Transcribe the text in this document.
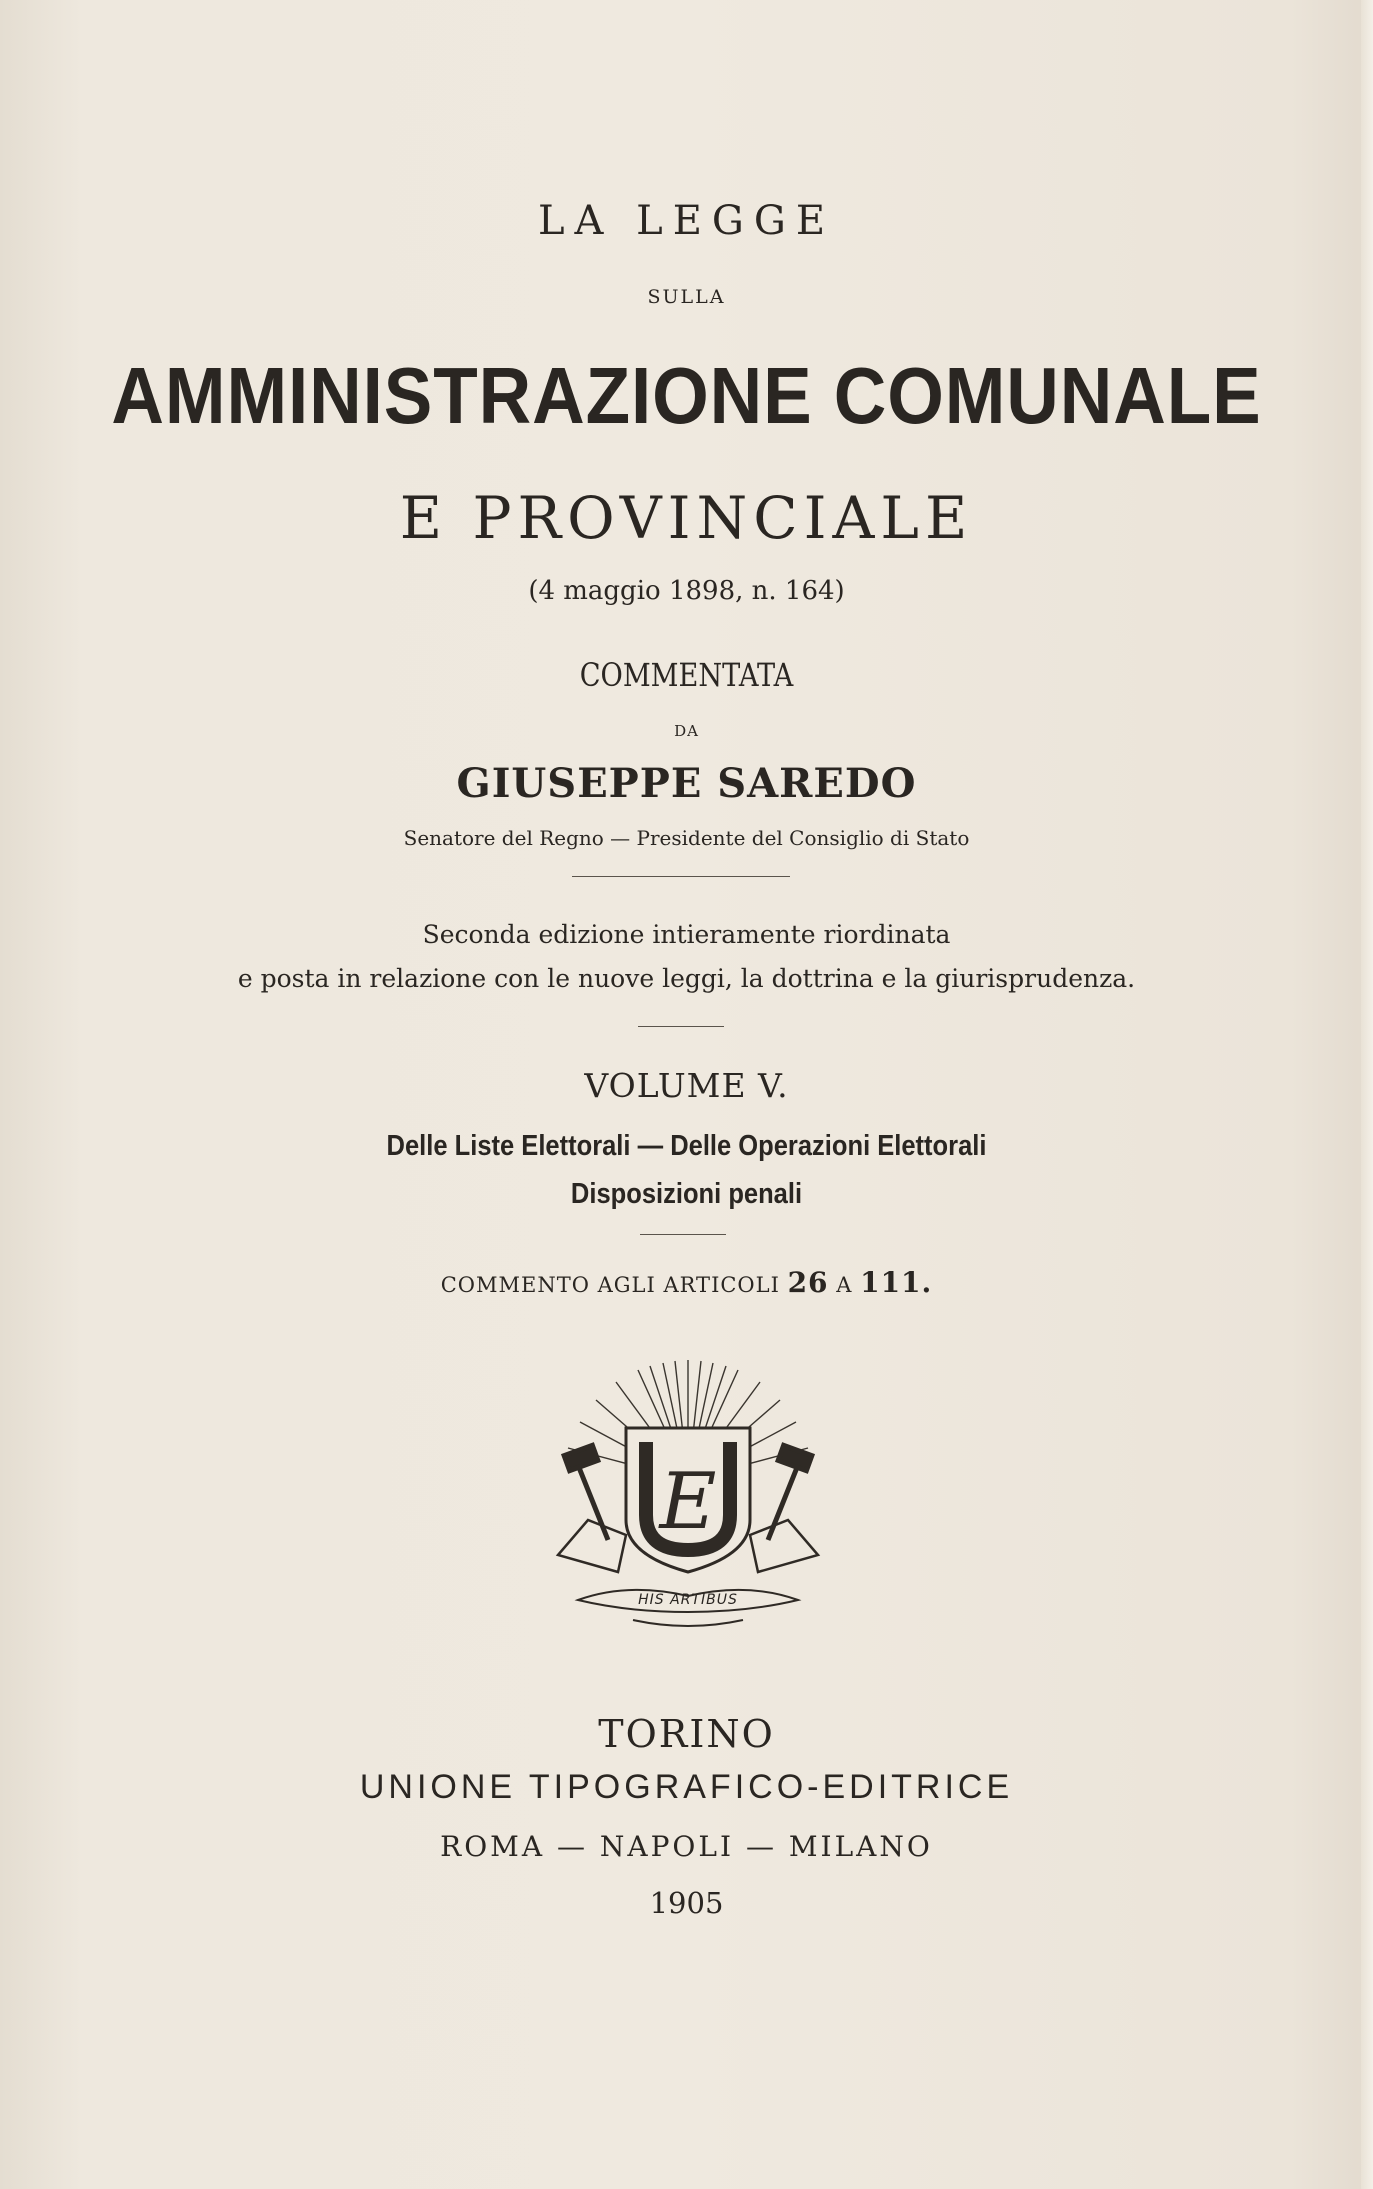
LA LEGGE
SULLA
AMMINISTRAZIONE COMUNALE
E PROVINCIALE
(4 maggio 1898, n. 164)
COMMENTATA
DA
GIUSEPPE SAREDO
Senatore del Regno — Presidente del Consiglio di Stato
Seconda edizione intieramente riordinata
e posta in relazione con le nuove leggi, la dottrina e la giurisprudenza.
VOLUME V.
Delle Liste Elettorali — Delle Operazioni Elettorali
Disposizioni penali
COMMENTO AGLI ARTICOLI 26 A 111.
E
HIS ARTIBUS
TORINO
UNIONE TIPOGRAFICO-EDITRICE
ROMA — NAPOLI — MILANO
1905
